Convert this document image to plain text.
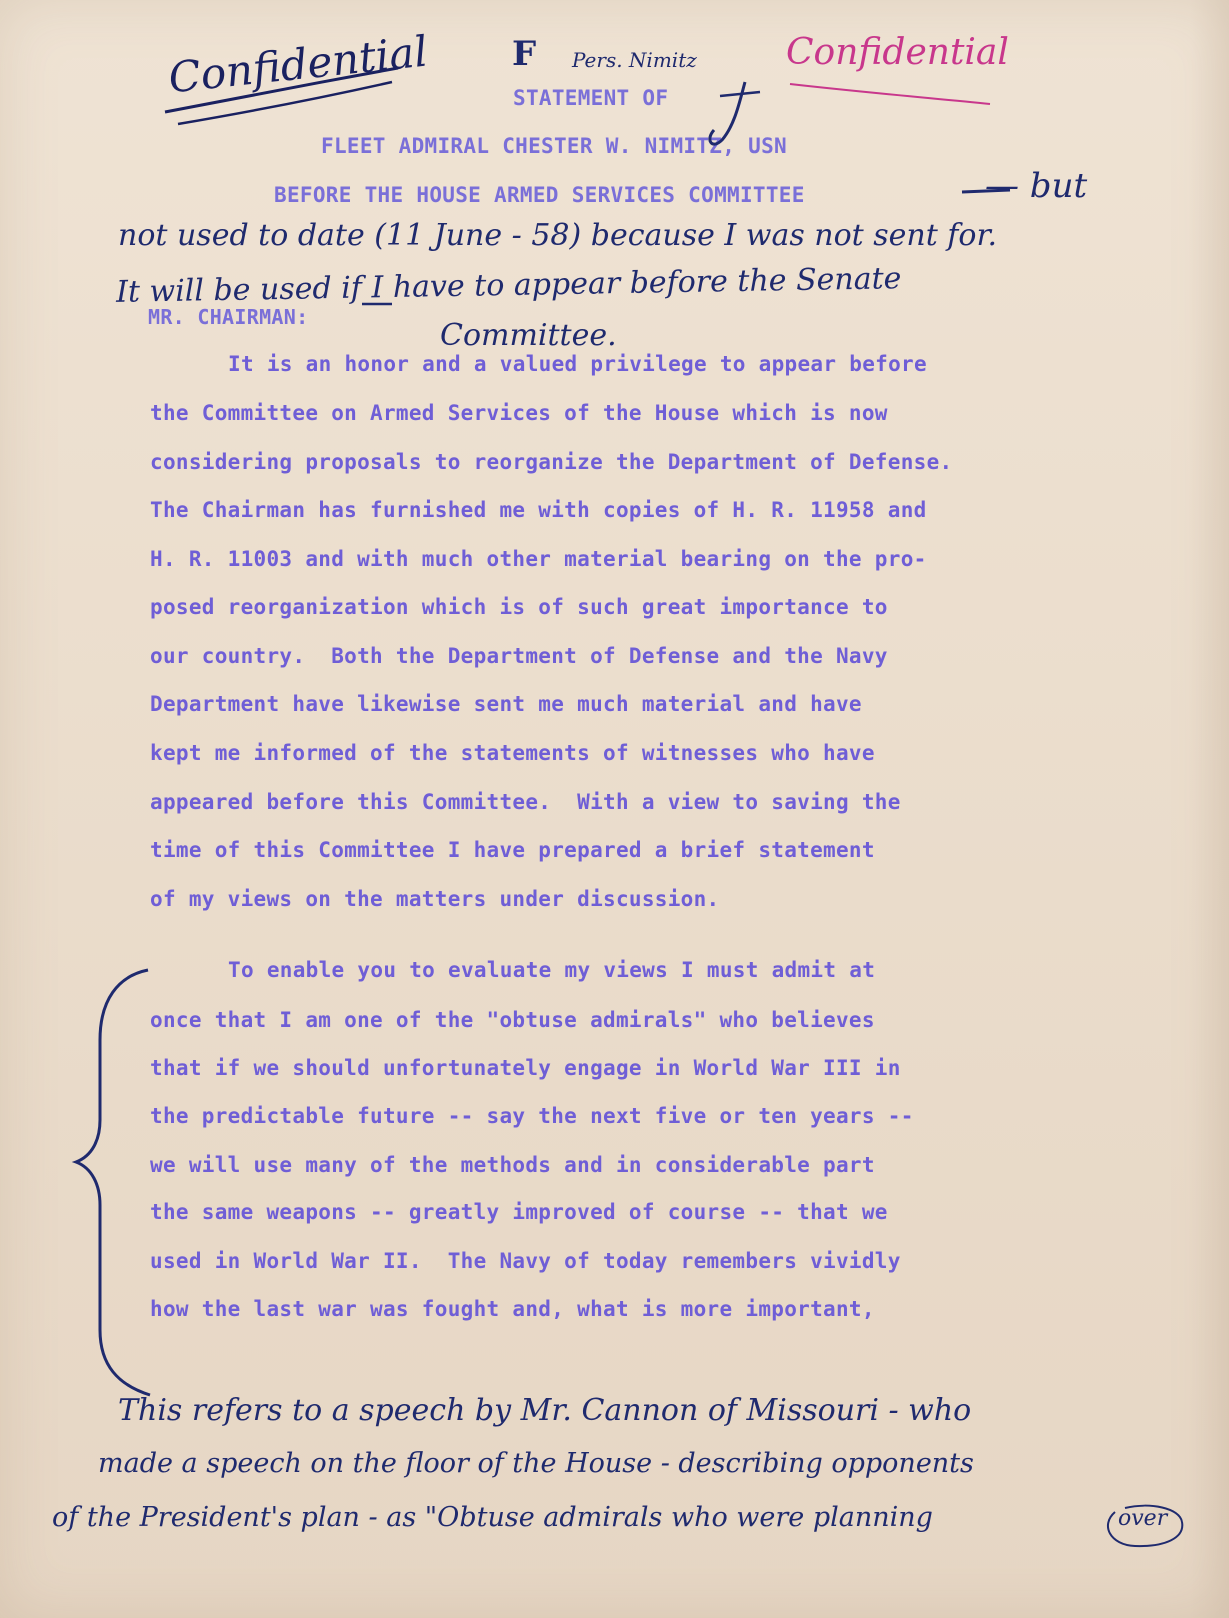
Confidential F Pers. Nimitz Confidential
STATEMENT OF
FLEET ADMIRAL CHESTER W. NIMITZ, USN
BEFORE THE HOUSE ARMED SERVICES COMMITTEE	— but
not used to date (11 June - 58) because I was not sent for.
It will be used if I have to appear before the Senate
MR. CHAIRMAN:
Committee.
It is an honor and a valued privilege to appear before
the Committee on Armed Services of the House which is now
considering proposals to reorganize the Department of Defense.
The Chairman has furnished me with copies of H. R. 11958 and
H. R. 11003 and with much other material bearing on the pro-
posed reorganization which is of such great importance to
our country.  Both the Department of Defense and the Navy
Department have likewise sent me much material and have
kept me informed of the statements of witnesses who have
appeared before this Committee.  With a view to saving the
time of this Committee I have prepared a brief statement
of my views on the matters under discussion.
To enable you to evaluate my views I must admit at
once that I am one of the "obtuse admirals" who believes
that if we should unfortunately engage in World War III in
the predictable future -- say the next five or ten years --
we will use many of the methods and in considerable part
the same weapons -- greatly improved of course -- that we
used in World War II.  The Navy of today remembers vividly
how the last war was fought and, what is more important,
This refers to a speech by Mr. Cannon of Missouri - who
made a speech on the floor of the House - describing opponents
of the President's plan - as "Obtuse admirals who were planning	over
